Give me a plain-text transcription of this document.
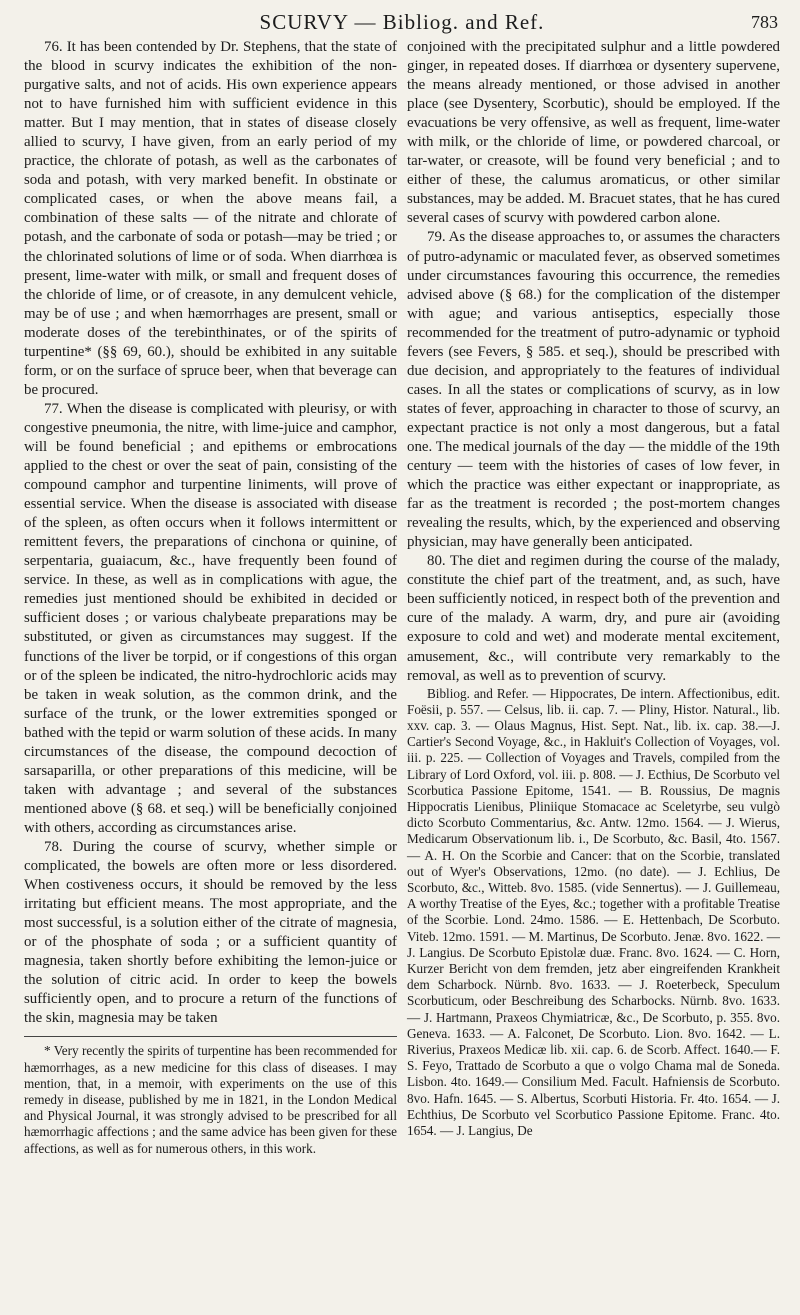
SCURVY — Bibliog. and Ref.	783

76. It has been contended by Dr. Stephens, that the state of the blood in scurvy indicates the exhibition of the non-purgative salts, and not of acids. His own experience appears not to have furnished him with sufficient evidence in this matter. But I may mention, that in states of disease closely allied to scurvy, I have given, from an early period of my practice, the chlorate of potash, as well as the carbonates of soda and potash, with very marked benefit. In obstinate or complicated cases, or when the above means fail, a combination of these salts — of the nitrate and chlorate of potash, and the carbonate of soda or potash—may be tried ; or the chlorinated solutions of lime or of soda. When diarrhœa is present, lime-water with milk, or small and frequent doses of the chloride of lime, or of creasote, in any demulcent vehicle, may be of use ; and when hæmorrhages are present, small or moderate doses of the terebinthinates, or of the spirits of turpentine* (§§ 69, 60.), should be exhibited in any suitable form, or on the surface of spruce beer, when that beverage can be procured.

77. When the disease is complicated with pleurisy, or with congestive pneumonia, the nitre, with lime-juice and camphor, will be found beneficial ; and epithems or embrocations applied to the chest or over the seat of pain, consisting of the compound camphor and turpentine liniments, will prove of essential service. When the disease is associated with disease of the spleen, as often occurs when it follows intermittent or remittent fevers, the preparations of cinchona or quinine, of serpentaria, guaiacum, &c., have frequently been found of service. In these, as well as in complications with ague, the remedies just mentioned should be exhibited in decided or sufficient doses ; or various chalybeate preparations may be substituted, or given as circumstances may suggest. If the functions of the liver be torpid, or if congestions of this organ or of the spleen be indicated, the nitro-hydrochloric acids may be taken in weak solution, as the common drink, and the surface of the trunk, or the lower extremities sponged or bathed with the tepid or warm solution of these acids. In many circumstances of the disease, the compound decoction of sarsaparilla, or other preparations of this medicine, will be taken with advantage ; and several of the substances mentioned above (§ 68. et seq.) will be beneficially conjoined with others, according as circumstances arise.

78. During the course of scurvy, whether simple or complicated, the bowels are often more or less disordered. When costiveness occurs, it should be removed by the less irritating but efficient means. The most appropriate, and the most successful, is a solution either of the citrate of magnesia, or of the phosphate of soda ; or a sufficient quantity of magnesia, taken shortly before exhibiting the lemon-juice or the solution of citric acid. In order to keep the bowels sufficiently open, and to procure a return of the functions of the skin, magnesia may be taken

* Very recently the spirits of turpentine has been recommended for hæmorrhages, as a new medicine for this class of diseases. I may mention, that, in a memoir, with experiments on the use of this remedy in disease, published by me in 1821, in the London Medical and Physical Journal, it was strongly advised to be prescribed for all hæmorrhagic affections ; and the same advice has been given for these affections, as well as for numerous others, in this work.

conjoined with the precipitated sulphur and a little powdered ginger, in repeated doses. If diarrhœa or dysentery supervene, the means already mentioned, or those advised in another place (see Dysentery, Scorbutic), should be employed. If the evacuations be very offensive, as well as frequent, lime-water with milk, or the chloride of lime, or powdered charcoal, or tar-water, or creasote, will be found very beneficial ; and to either of these, the calumus aromaticus, or other similar substances, may be added. M. Bracuet states, that he has cured several cases of scurvy with powdered carbon alone.

79. As the disease approaches to, or assumes the characters of putro-adynamic or maculated fever, as observed sometimes under circumstances favouring this occurrence, the remedies advised above (§ 68.) for the complication of the distemper with ague; and various antiseptics, especially those recommended for the treatment of putro-adynamic or typhoid fevers (see Fevers, § 585. et seq.), should be prescribed with due decision, and appropriately to the features of individual cases. In all the states or complications of scurvy, as in low states of fever, approaching in character to those of scurvy, an expectant practice is not only a most dangerous, but a fatal one. The medical journals of the day — the middle of the 19th century — teem with the histories of cases of low fever, in which the practice was either expectant or inappropriate, as far as the treatment is recorded ; the post-mortem changes revealing the results, which, by the experienced and observing physician, may have generally been anticipated.

80. The diet and regimen during the course of the malady, constitute the chief part of the treatment, and, as such, have been sufficiently noticed, in respect both of the prevention and cure of the malady. A warm, dry, and pure air (avoiding exposure to cold and wet) and moderate mental excitement, amusement, &c., will contribute very remarkably to the removal, as well as to prevention of scurvy.

Bibliog. and Refer. — Hippocrates, De intern. Affectionibus, edit. Foësii, p. 557. — Celsus, lib. ii. cap. 7. — Pliny, Histor. Natural., lib. xxv. cap. 3. — Olaus Magnus, Hist. Sept. Nat., lib. ix. cap. 38.—J. Cartier's Second Voyage, &c., in Hakluit's Collection of Voyages, vol. iii. p. 225. — Collection of Voyages and Travels, compiled from the Library of Lord Oxford, vol. iii. p. 808. — J. Ecthius, De Scorbuto vel Scorbutica Passione Epitome, 1541. — B. Roussius, De magnis Hippocratis Lienibus, Pliniique Stomacace ac Sceletyrbe, seu vulgò dicto Scorbuto Commentarius, &c. Antw. 12mo. 1564. — J. Wierus, Medicarum Observationum lib. i., De Scorbuto, &c. Basil, 4to. 1567. — A. H. On the Scorbie and Cancer: that on the Scorbie, translated out of Wyer's Observations, 12mo. (no date). — J. Echlius, De Scorbuto, &c., Witteb. 8vo. 1585. (vide Sennertus). — J. Guillemeau, A worthy Treatise of the Eyes, &c.; together with a profitable Treatise of the Scorbie. Lond. 24mo. 1586. — E. Hettenbach, De Scorbuto. Viteb. 12mo. 1591. — M. Martinus, De Scorbuto. Jenæ. 8vo. 1622. — J. Langius. De Scorbuto Epistolæ duæ. Franc. 8vo. 1624. — C. Horn, Kurzer Bericht von dem fremden, jetz aber eingreifenden Krankheit dem Scharbock. Nürnb. 8vo. 1633. — J. Roeterbeck, Speculum Scorbuticum, oder Beschreibung des Scharbocks. Nürnb. 8vo. 1633. — J. Hartmann, Praxeos Chymiatricæ, &c., De Scorbuto, p. 355. 8vo. Geneva. 1633. — A. Falconet, De Scorbuto. Lion. 8vo. 1642. — L. Riverius, Praxeos Medicæ lib. xii. cap. 6. de Scorb. Affect. 1640.— F. S. Feyo, Trattado de Scorbuto a que o volgo Chama mal de Soneda. Lisbon. 4to. 1649.— Consilium Med. Facult. Hafniensis de Scorbuto. 8vo. Hafn. 1645. — S. Albertus, Scorbuti Historia. Fr. 4to. 1654. — J. Echthius, De Scorbuto vel Scorbutico Passione Epitome. Franc. 4to. 1654. — J. Langius, De
